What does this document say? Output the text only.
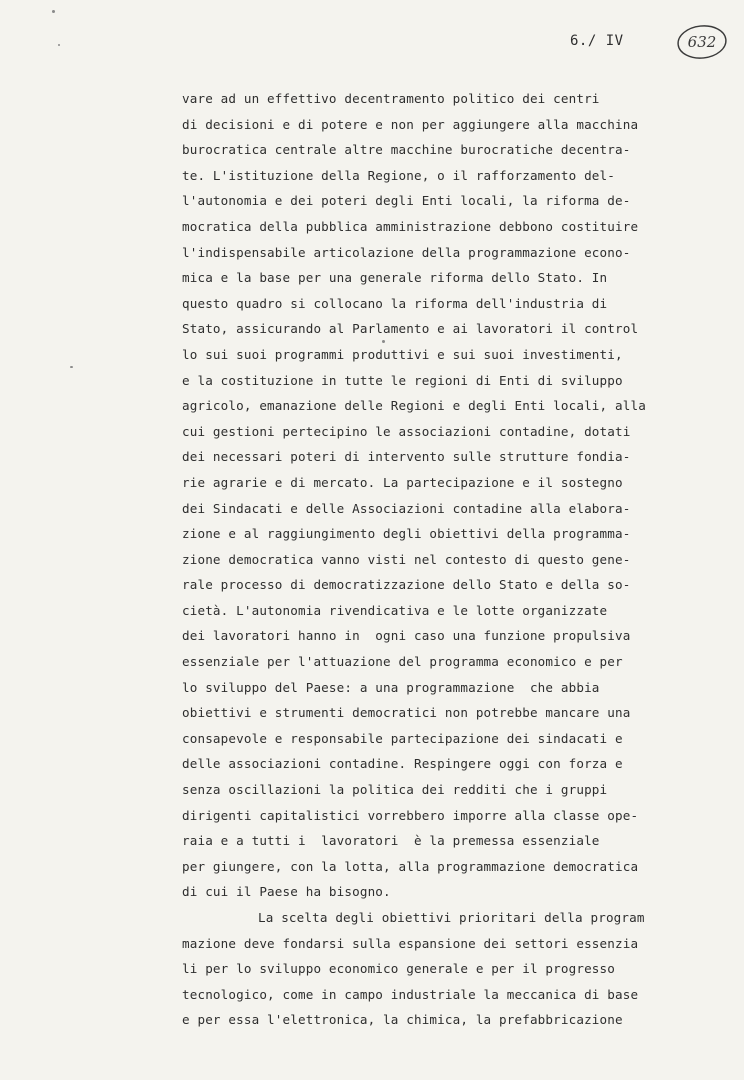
6./ IV	632
vare ad un effettivo decentramento politico dei centri
di decisioni e di potere e non per aggiungere alla macchina
burocratica centrale altre macchine burocratiche decentra-
te. L'istituzione della Regione, o il rafforzamento del-
l'autonomia e dei poteri degli Enti locali, la riforma de-
mocratica della pubblica amministrazione debbono costituire
l'indispensabile articolazione della programmazione econo-
mica e la base per una generale riforma dello Stato. In
questo quadro si collocano la riforma dell'industria di
Stato, assicurando al Parlamento e ai lavoratori il control
lo sui suoi programmi produttivi e sui suoi investimenti,
e la costituzione in tutte le regioni di Enti di sviluppo
agricolo, emanazione delle Regioni e degli Enti locali, alla
cui gestioni pertecipino le associazioni contadine, dotati
dei necessari poteri di intervento sulle strutture fondia-
rie agrarie e di mercato. La partecipazione e il sostegno
dei Sindacati e delle Associazioni contadine alla elabora-
zione e al raggiungimento degli obiettivi della programma-
zione democratica vanno visti nel contesto di questo gene-
rale processo di democratizzazione dello Stato e della so-
cietà. L'autonomia rivendicativa e le lotte organizzate
dei lavoratori hanno in  ogni caso una funzione propulsiva
essenziale per l'attuazione del programma economico e per
lo sviluppo del Paese: a una programmazione  che abbia
obiettivi e strumenti democratici non potrebbe mancare una
consapevole e responsabile partecipazione dei sindacati e
delle associazioni contadine. Respingere oggi con forza e
senza oscillazioni la politica dei redditi che i gruppi
dirigenti capitalistici vorrebbero imporre alla classe ope-
raia e a tutti i  lavoratori  è la premessa essenziale
per giungere, con la lotta, alla programmazione democratica
di cui il Paese ha bisogno.
La scelta degli obiettivi prioritari della program
mazione deve fondarsi sulla espansione dei settori essenzia
li per lo sviluppo economico generale e per il progresso
tecnologico, come in campo industriale la meccanica di base
e per essa l'elettronica, la chimica, la prefabbricazione
